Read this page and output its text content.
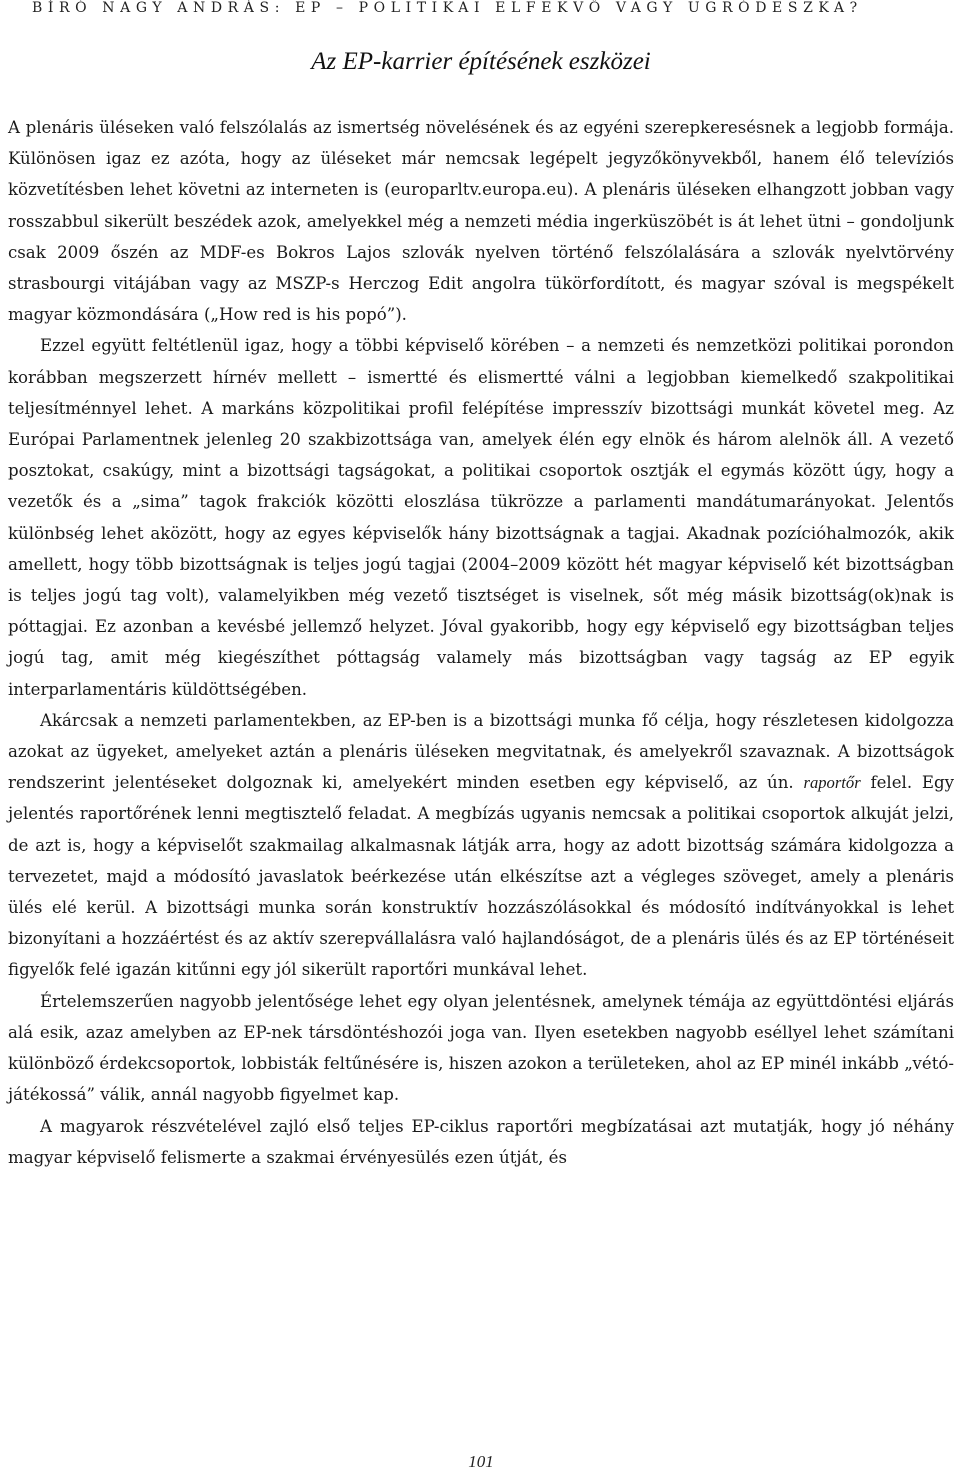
BÍRÓ NAGY ANDRÁS: EP – POLITIKAI ELFEKVŐ VAGY UGRÓDESZKA?
Az EP-karrier építésének eszközei

A plenáris üléseken való felszólalás az ismertség növelésének és az egyéni szerepkeresésnek a legjobb formája. Különösen igaz ez azóta, hogy az üléseket már nemcsak legépelt jegyzőkönyvekből, hanem élő televíziós közvetítésben lehet követni az interneten is (europarltv.europa.eu). A plenáris üléseken elhangzott jobban vagy rosszabbul sikerült beszédek azok, amelyekkel még a nemzeti média ingerküszöbét is át lehet ütni – gondoljunk csak 2009 őszén az MDF-es Bokros Lajos szlovák nyelven történő felszólalására a szlovák nyelvtörvény strasbourgi vitájában vagy az MSZP-s Herczog Edit angolra tükörfordított, és magyar szóval is megspékelt magyar közmondására („How red is his popó”).

Ezzel együtt feltétlenül igaz, hogy a többi képviselő körében – a nemzeti és nemzetközi politikai porondon korábban megszerzett hírnév mellett – ismertté és elismertté válni a legjobban kiemelkedő szakpolitikai teljesítménnyel lehet. A markáns közpolitikai profil felépítése impresszív bizottsági munkát követel meg. Az Európai Parlamentnek jelenleg 20 szakbizottsága van, amelyek élén egy elnök és három alelnök áll. A vezető posztokat, csakúgy, mint a bizottsági tagságokat, a politikai csoportok osztják el egymás között úgy, hogy a vezetők és a „sima” tagok frakciók közötti eloszlása tükrözze a parlamenti mandátumarányokat. Jelentős különbség lehet aközött, hogy az egyes képviselők hány bizottságnak a tagjai. Akadnak pozícióhalmozók, akik amellett, hogy több bizottságnak is teljes jogú tagjai (2004–2009 között hét magyar képviselő két bizottságban is teljes jogú tag volt), valamelyikben még vezető tisztséget is viselnek, sőt még másik bizottság(ok)nak is póttagjai. Ez azonban a kevésbé jellemző helyzet. Jóval gyakoribb, hogy egy képviselő egy bizottságban teljes jogú tag, amit még kiegészíthet póttagság valamely más bizottságban vagy tagság az EP egyik interparlamentáris küldöttségében.

Akárcsak a nemzeti parlamentekben, az EP-ben is a bizottsági munka fő célja, hogy részletesen kidolgozza azokat az ügyeket, amelyeket aztán a plenáris üléseken megvitatnak, és amelyekről szavaznak. A bizottságok rendszerint jelentéseket dolgoznak ki, amelyekért minden esetben egy képviselő, az ún. raportőr felel. Egy jelentés raportőrének lenni megtisztelő feladat. A megbízás ugyanis nemcsak a politikai csoportok alkuját jelzi, de azt is, hogy a képviselőt szakmailag alkalmasnak látják arra, hogy az adott bizottság számára kidolgozza a tervezetet, majd a módosító javaslatok beérkezése után elkészítse azt a végleges szöveget, amely a plenáris ülés elé kerül. A bizottsági munka során konstruktív hozzászólásokkal és módosító indítványokkal is lehet bizonyítani a hozzáértést és az aktív szerepvállalásra való hajlandóságot, de a plenáris ülés és az EP történéseit figyelők felé igazán kitűnni egy jól sikerült raportőri munkával lehet.

Értelemszerűen nagyobb jelentősége lehet egy olyan jelentésnek, amelynek témája az együttdöntési eljárás alá esik, azaz amelyben az EP-nek társdöntéshozói joga van. Ilyen esetekben nagyobb eséllyel lehet számítani különböző érdekcsoportok, lobbisták feltűnésére is, hiszen azokon a területeken, ahol az EP minél inkább „vétó-játékossá” válik, annál nagyobb figyelmet kap.

A magyarok részvételével zajló első teljes EP-ciklus raportőri megbízatásai azt mutatják, hogy jó néhány magyar képviselő felismerte a szakmai érvényesülés ezen útját, és

101
